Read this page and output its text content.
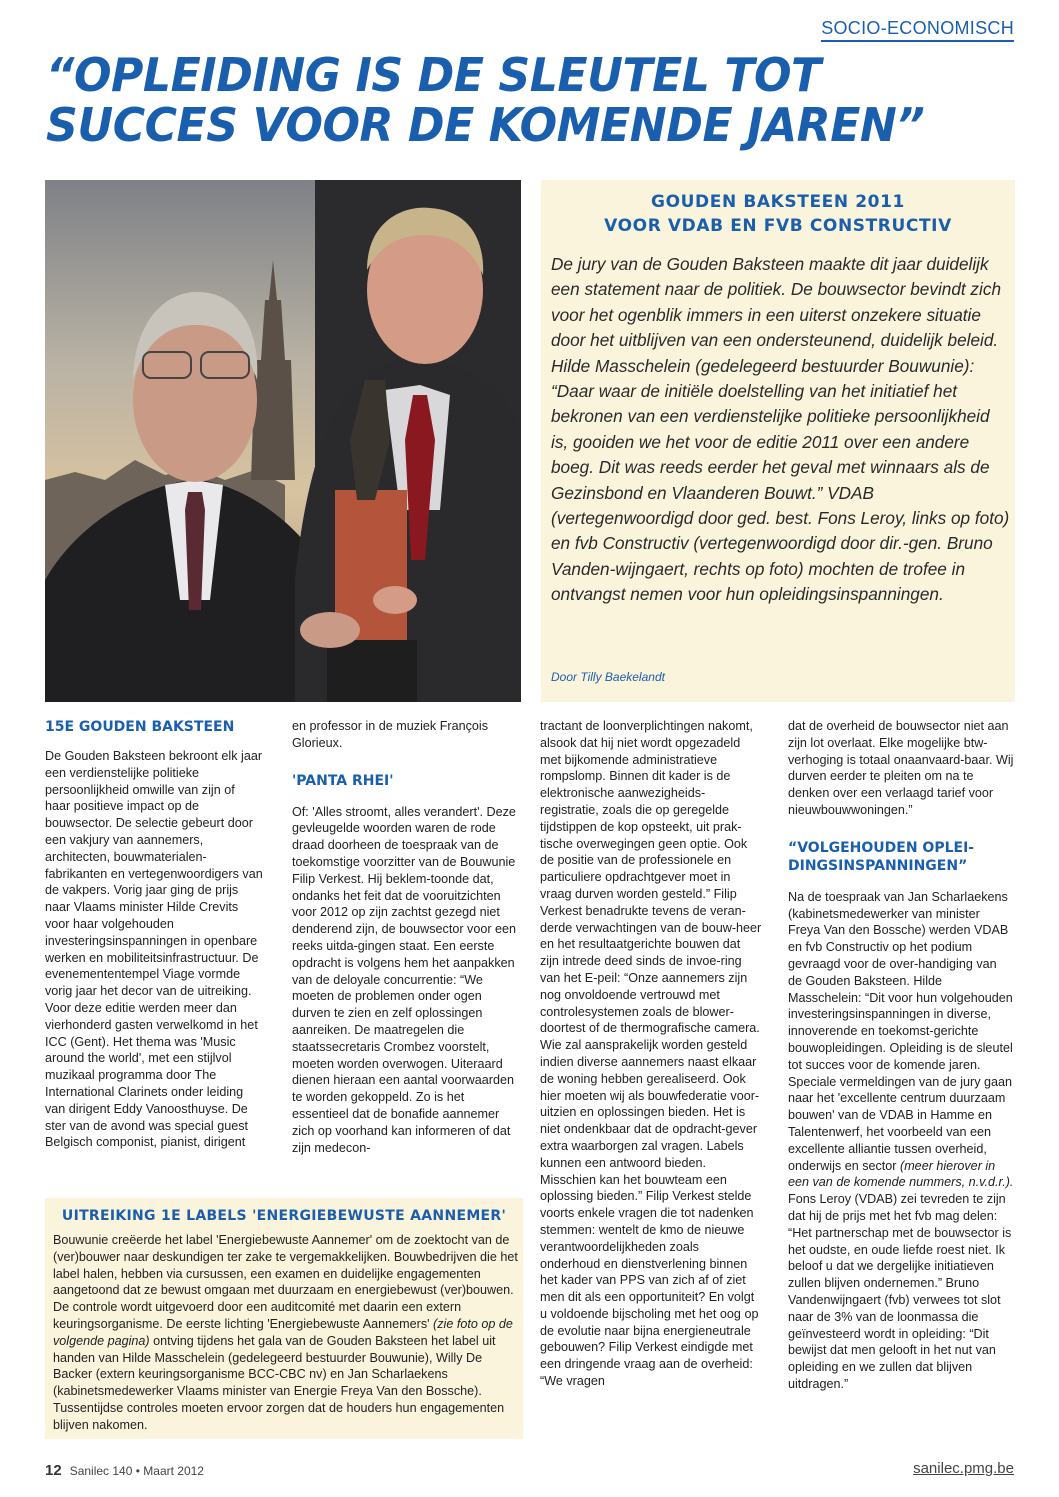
SOCIO-ECONOMISCH
“OPLEIDING IS DE SLEUTEL TOT
SUCCES VOOR DE KOMENDE JAREN”
GOUDEN BAKSTEEN 2011
VOOR VDAB EN FVB CONSTRUCTIV
De jury van de Gouden Baksteen maakte dit jaar duidelijk een statement naar de politiek. De bouwsector bevindt zich voor het ogenblik immers in een uiterst onzekere situatie door het uitblijven van een ondersteunend, duidelijk beleid. Hilde Masschelein (gedelegeerd bestuurder Bouwunie): “Daar waar de initiële doelstelling van het initiatief het bekronen van een verdienstelijke politieke persoonlijkheid is, gooiden we het voor de editie 2011 over een andere boeg. Dit was reeds eerder het geval met winnaars als de Gezinsbond en Vlaanderen Bouwt.” VDAB (vertegenwoordigd door ged. best. Fons Leroy, links op foto) en fvb Constructiv (vertegenwoordigd door dir.-gen. Bruno Vanden-wijngaert, rechts op foto) mochten de trofee in ontvangst nemen voor hun opleidingsinspanningen.
Door Tilly Baekelandt
15E GOUDEN BAKSTEEN

De Gouden Baksteen bekroont elk jaar een verdienstelijke politieke persoonlijkheid omwille van zijn of haar positieve impact op de bouwsector. De selectie gebeurt door een vakjury van aannemers, architecten, bouwmaterialen-fabrikanten en vertegenwoordigers van de vakpers. Vorig jaar ging de prijs naar Vlaams minister Hilde Crevits voor haar volgehouden investeringsinspanningen in openbare werken en mobiliteitsinfrastructuur. De evenemententempel Viage vormde vorig jaar het decor van de uitreiking. Voor deze editie werden meer dan vierhonderd gasten verwelkomd in het ICC (Gent). Het thema was 'Music around the world', met een stijlvol muzikaal programma door The International Clarinets onder leiding van dirigent Eddy Vanoosthuyse. De ster van de avond was special guest Belgisch componist, pianist, dirigent

en professor in de muziek François Glorieux.

'PANTA RHEI'

Of: 'Alles stroomt, alles verandert'. Deze gevleugelde woorden waren de rode draad doorheen de toespraak van de toekomstige voorzitter van de Bouwunie Filip Verkest. Hij beklem-toonde dat, ondanks het feit dat de vooruitzichten voor 2012 op zijn zachtst gezegd niet denderend zijn, de bouwsector voor een reeks uitda-gingen staat. Een eerste opdracht is volgens hem het aanpakken van de deloyale concurrentie: “We moeten de problemen onder ogen durven te zien en zelf oplossingen aanreiken. De maatregelen die staatssecretaris Crombez voorstelt, moeten worden overwogen. Uiteraard dienen hieraan een aantal voorwaarden te worden gekoppeld. Zo is het essentieel dat de bonafide aannemer zich op voorhand kan informeren of dat zijn medecon-

tractant de loonverplichtingen nakomt, alsook dat hij niet wordt opgezadeld met bijkomende administratieve rompslomp. Binnen dit kader is de elektronische aanwezigheids-registratie, zoals die op geregelde tijdstippen de kop opsteekt, uit prak-tische overwegingen geen optie. Ook de positie van de professionele en particuliere opdrachtgever moet in vraag durven worden gesteld.” Filip Verkest benadrukte tevens de veran-derde verwachtingen van de bouw-heer en het resultaatgerichte bouwen dat zijn intrede deed sinds de invoe-ring van het E-peil: “Onze aannemers zijn nog onvoldoende vertrouwd met controlesystemen zoals de blower-doortest of de thermografische camera. Wie zal aansprakelijk worden gesteld indien diverse aannemers naast elkaar de woning hebben gerealiseerd. Ook hier moeten wij als bouwfederatie voor-uitzien en oplossingen bieden. Het is niet ondenkbaar dat de opdracht-gever extra waarborgen zal vragen. Labels kunnen een antwoord bieden. Misschien kan het bouwteam een oplossing bieden.” Filip Verkest stelde voorts enkele vragen die tot nadenken stemmen: wentelt de kmo de nieuwe verantwoordelijkheden zoals onderhoud en dienstverlening binnen het kader van PPS van zich af of ziet men dit als een opportuniteit? En volgt u voldoende bijscholing met het oog op de evolutie naar bijna energieneutrale gebouwen? Filip Verkest eindigde met een dringende vraag aan de overheid: “We vragen

dat de overheid de bouwsector niet aan zijn lot overlaat. Elke mogelijke btw-verhoging is totaal onaanvaard-baar. Wij durven eerder te pleiten om na te denken over een verlaagd tarief voor nieuwbouwwoningen.”

“VOLGEHOUDEN OPLEI-
DINGSINSPANNINGEN”

Na de toespraak van Jan Scharlaekens (kabinetsmedewerker van minister Freya Van den Bossche) werden VDAB en fvb Constructiv op het podium gevraagd voor de over-handiging van de Gouden Baksteen. Hilde Masschelein: “Dit voor hun volgehouden investeringsinspanningen in diverse, innoverende en toekomst-gerichte bouwopleidingen. Opleiding is de sleutel tot succes voor de komende jaren. Speciale vermeldingen van de jury gaan naar het 'excellente centrum duurzaam bouwen' van de VDAB in Hamme en Talentenwerf, het voorbeeld van een excellente alliantie tussen overheid, onderwijs en sector (meer hierover in een van de komende nummers, n.v.d.r.). Fons Leroy (VDAB) zei tevreden te zijn dat hij de prijs met het fvb mag delen: “Het partnerschap met de bouwsector is het oudste, en oude liefde roest niet. Ik beloof u dat we dergelijke initiatieven zullen blijven ondernemen.” Bruno Vandenwijngaert (fvb) verwees tot slot naar de 3% van de loonmassa die geïnvesteerd wordt in opleiding: “Dit bewijst dat men gelooft in het nut van opleiding en we zullen dat blijven uitdragen.”

UITREIKING 1E LABELS 'ENERGIEBEWUSTE AANNEMER'
Bouwunie creëerde het label 'Energiebewuste Aannemer' om de zoektocht van de (ver)bouwer naar deskundigen ter zake te vergemakkelijken. Bouwbedrijven die het label halen, hebben via cursussen, een examen en duidelijke engagementen aangetoond dat ze bewust omgaan met duurzaam en energiebewust (ver)bouwen. De controle wordt uitgevoerd door een auditcomité met daarin een extern keuringsorganisme. De eerste lichting 'Energiebewuste Aannemers' (zie foto op de volgende pagina) ontving tijdens het gala van de Gouden Baksteen het label uit handen van Hilde Masschelein (gedelegeerd bestuurder Bouwunie), Willy De Backer (extern keuringsorganisme BCC-CBC nv) en Jan Scharlaekens (kabinetsmedewerker Vlaams minister van Energie Freya Van den Bossche). Tussentijdse controles moeten ervoor zorgen dat de houders hun engagementen blijven nakomen.
12 Sanilec 140 • Maart 2012	sanilec.pmg.be
